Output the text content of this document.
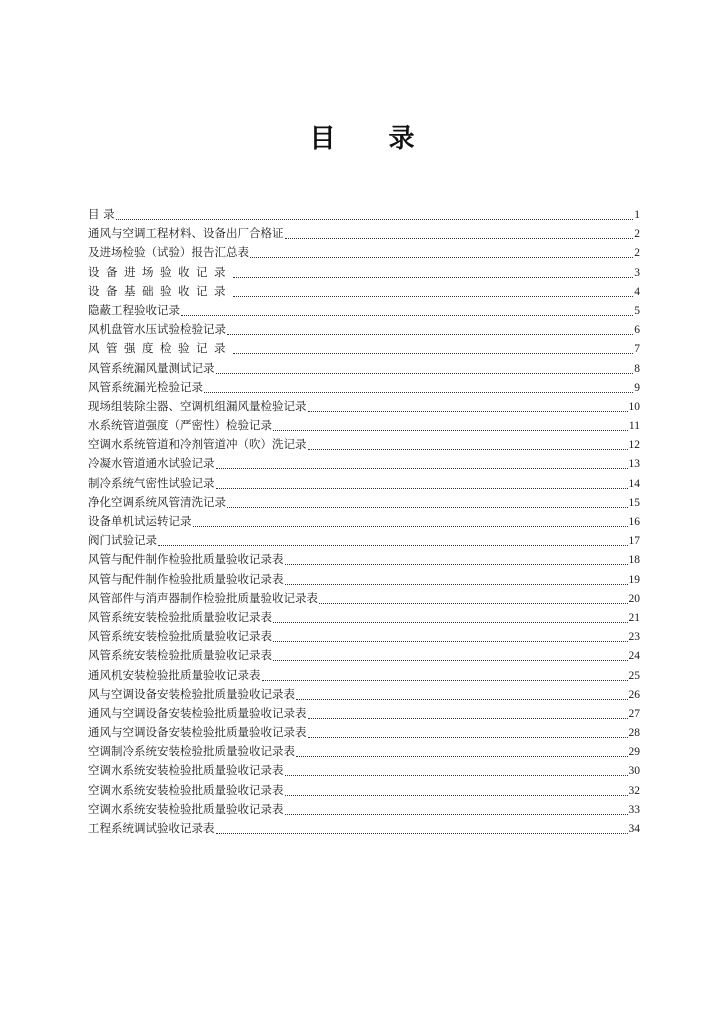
目 录
目 录	1
通风与空调工程材料、设备出厂合格证	2
及进场检验（试验）报告汇总表	2
设备进场验收记录	3
设备基础验收记录	4
隐蔽工程验收记录	5
风机盘管水压试验检验记录	6
风管强度检验记录	7
风管系统漏风量测试记录	8
风管系统漏光检验记录	9
现场组装除尘器、空调机组漏风量检验记录	10
水系统管道强度（严密性）检验记录	11
空调水系统管道和冷剂管道冲（吹）洗记录	12
冷凝水管道通水试验记录	13
制冷系统气密性试验记录	14
净化空调系统风管清洗记录	15
设备单机试运转记录	16
阀门试验记录	17
风管与配件制作检验批质量验收记录表	18
风管与配件制作检验批质量验收记录表	19
风管部件与消声器制作检验批质量验收记录表	20
风管系统安装检验批质量验收记录表	21
风管系统安装检验批质量验收记录表	23
风管系统安装检验批质量验收记录表	24
通风机安装检验批质量验收记录表	25
风与空调设备安装检验批质量验收记录表	26
通风与空调设备安装检验批质量验收记录表	27
通风与空调设备安装检验批质量验收记录表	28
空调制冷系统安装检验批质量验收记录表	29
空调水系统安装检验批质量验收记录表	30
空调水系统安装检验批质量验收记录表	32
空调水系统安装检验批质量验收记录表	33
工程系统调试验收记录表	34
